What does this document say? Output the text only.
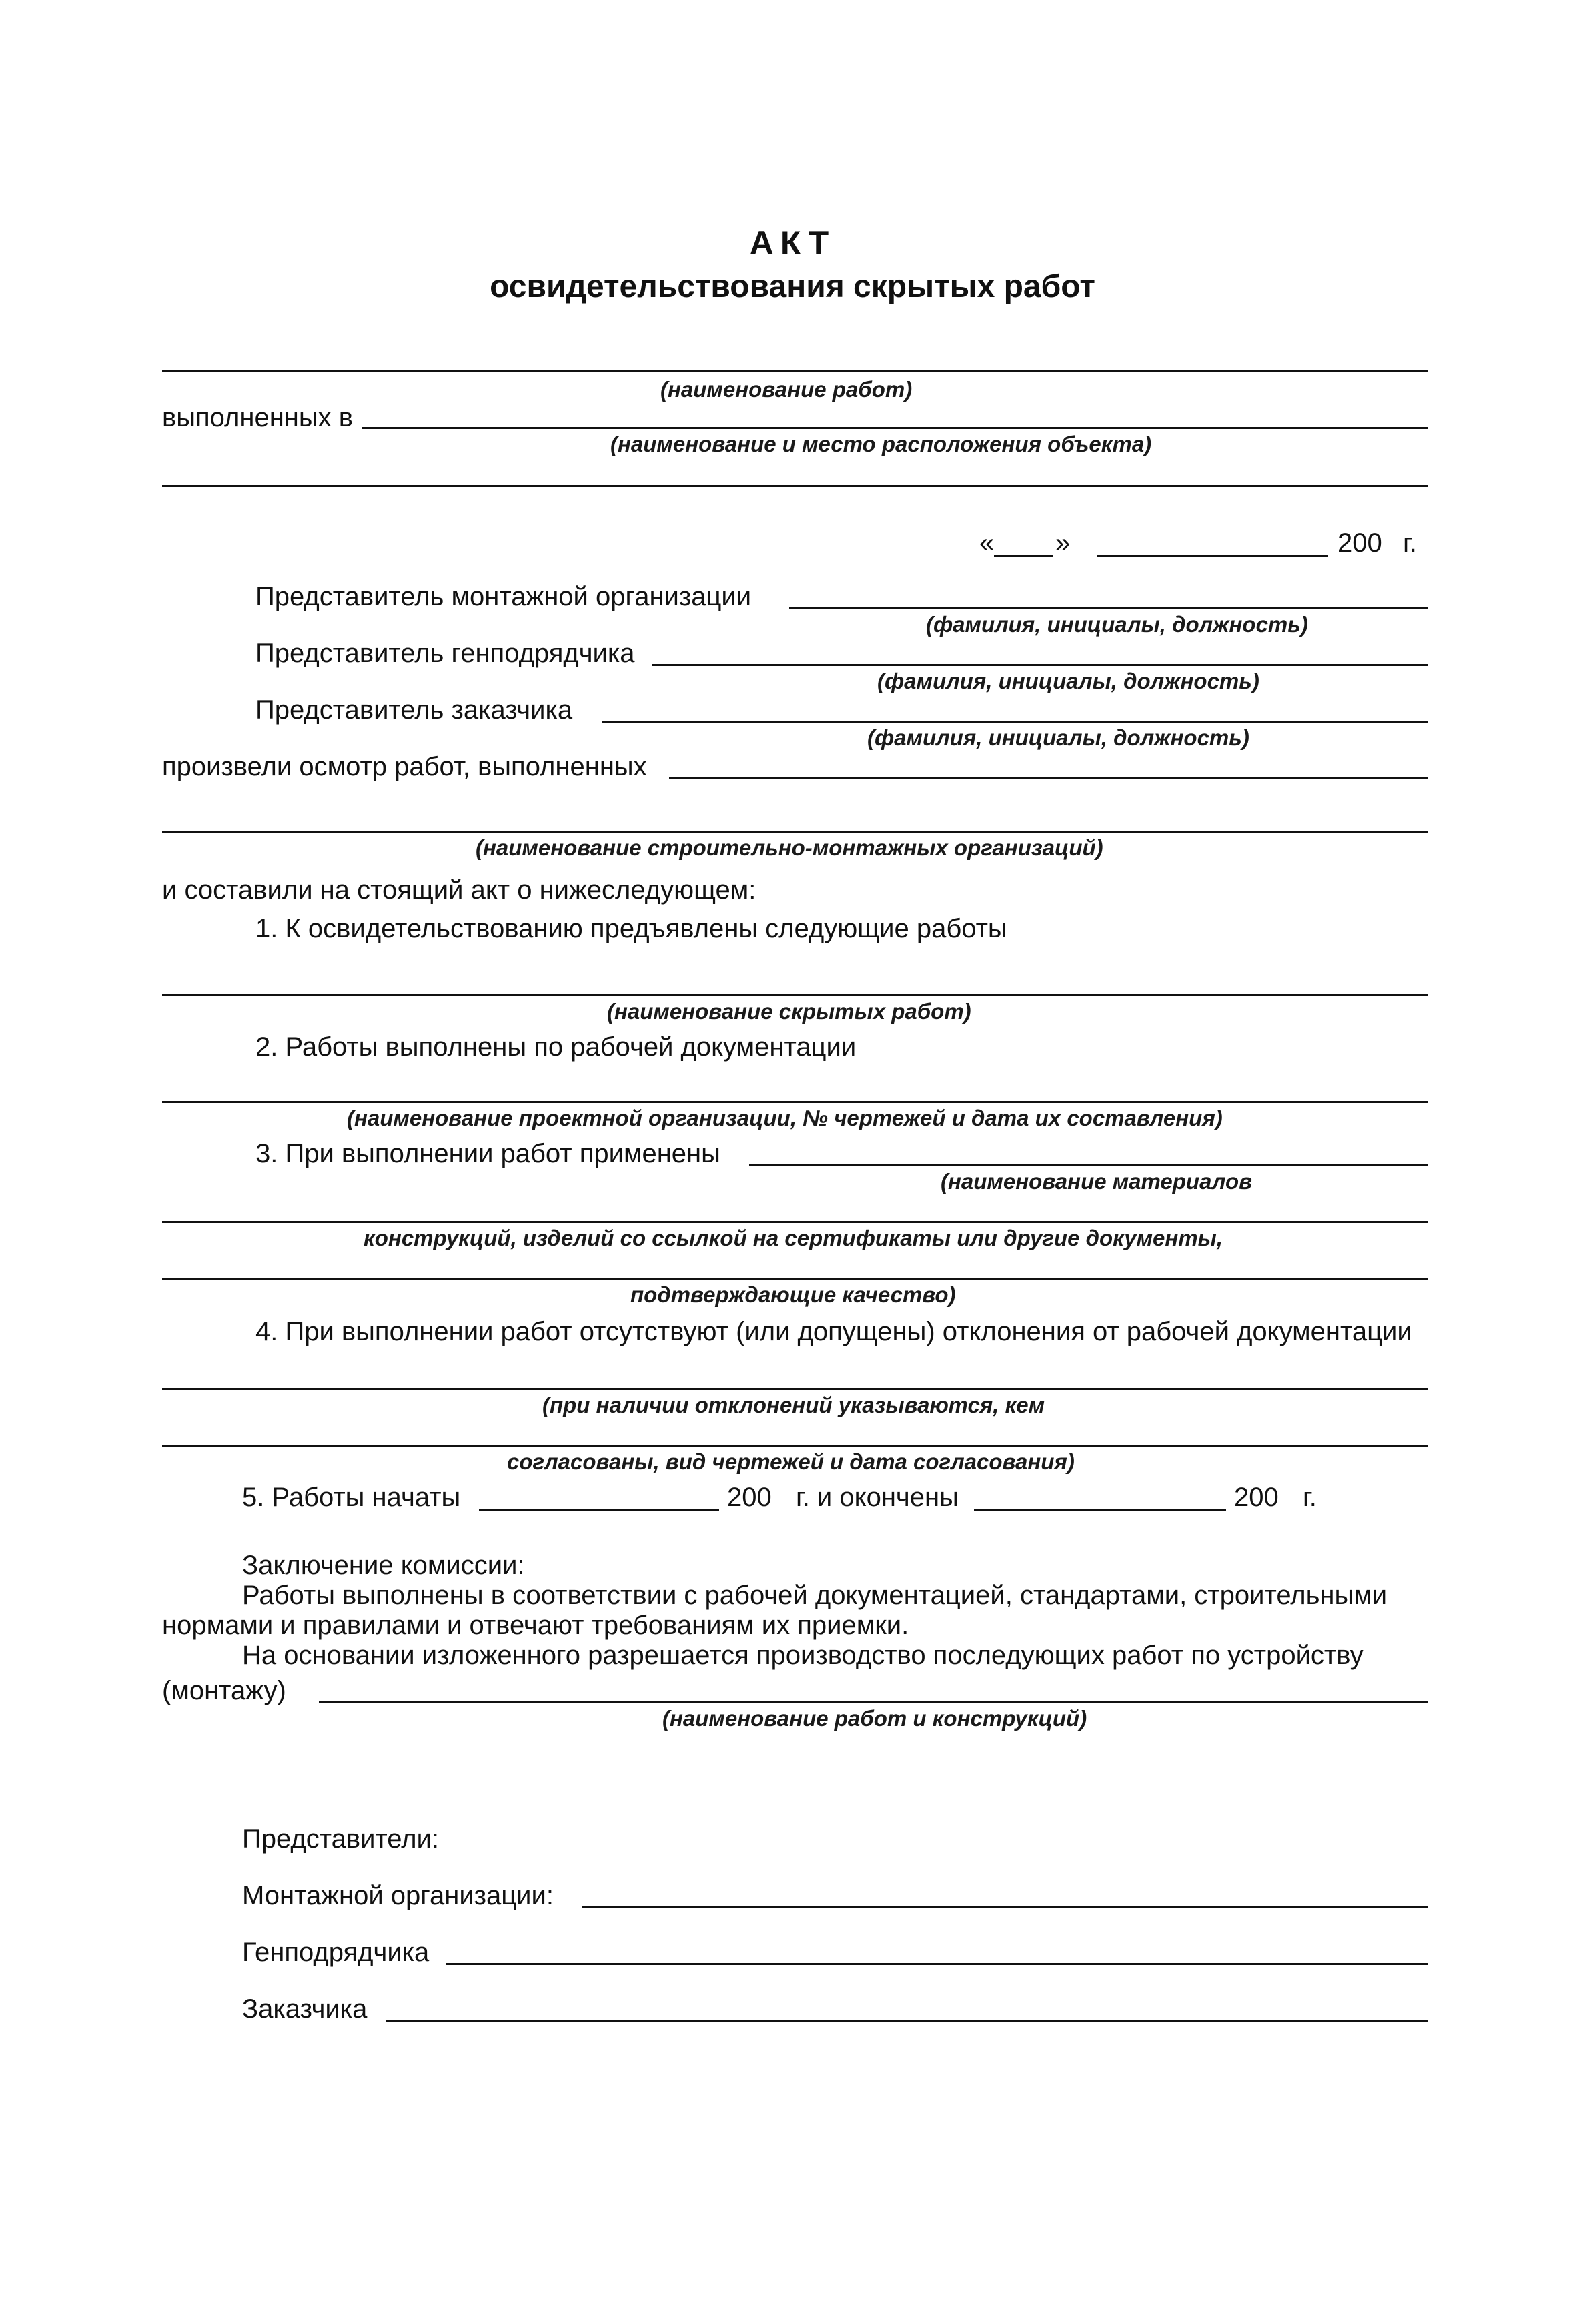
АКТ
освидетельствования скрытых работ
(наименование работ)
выполненных в
(наименование и место расположения объекта)
« »	200 г.
Представитель монтажной организации
(фамилия, инициалы, должность)
Представитель генподрядчика
(фамилия, инициалы, должность)
Представитель заказчика
(фамилия, инициалы, должность)
произвели осмотр работ, выполненных
(наименование строительно-монтажных организаций)
и составили на стоящий акт о нижеследующем:
1. К освидетельствованию предъявлены следующие работы
(наименование скрытых работ)
2. Работы выполнены по рабочей документации
(наименование проектной организации, № чертежей и дата их составления)
3. При выполнении работ применены
(наименование материалов
конструкций, изделий со ссылкой на сертификаты или другие документы,
подтверждающие качество)
4. При выполнении работ отсутствуют (или допущены) отклонения от рабочей документации
(при наличии отклонений указываются, кем
согласованы, вид чертежей и дата согласования)
5. Работы начаты	200 г. и окончены	200 г.
Заключение комиссии:
Работы выполнены в соответствии с рабочей документацией, стандартами, строительными
нормами и правилами и отвечают требованиям их приемки.
На основании изложенного разрешается производство последующих работ по устройству
(монтажу)
(наименование работ и конструкций)
Представители:
Монтажной организации:
Генподрядчика
Заказчика
